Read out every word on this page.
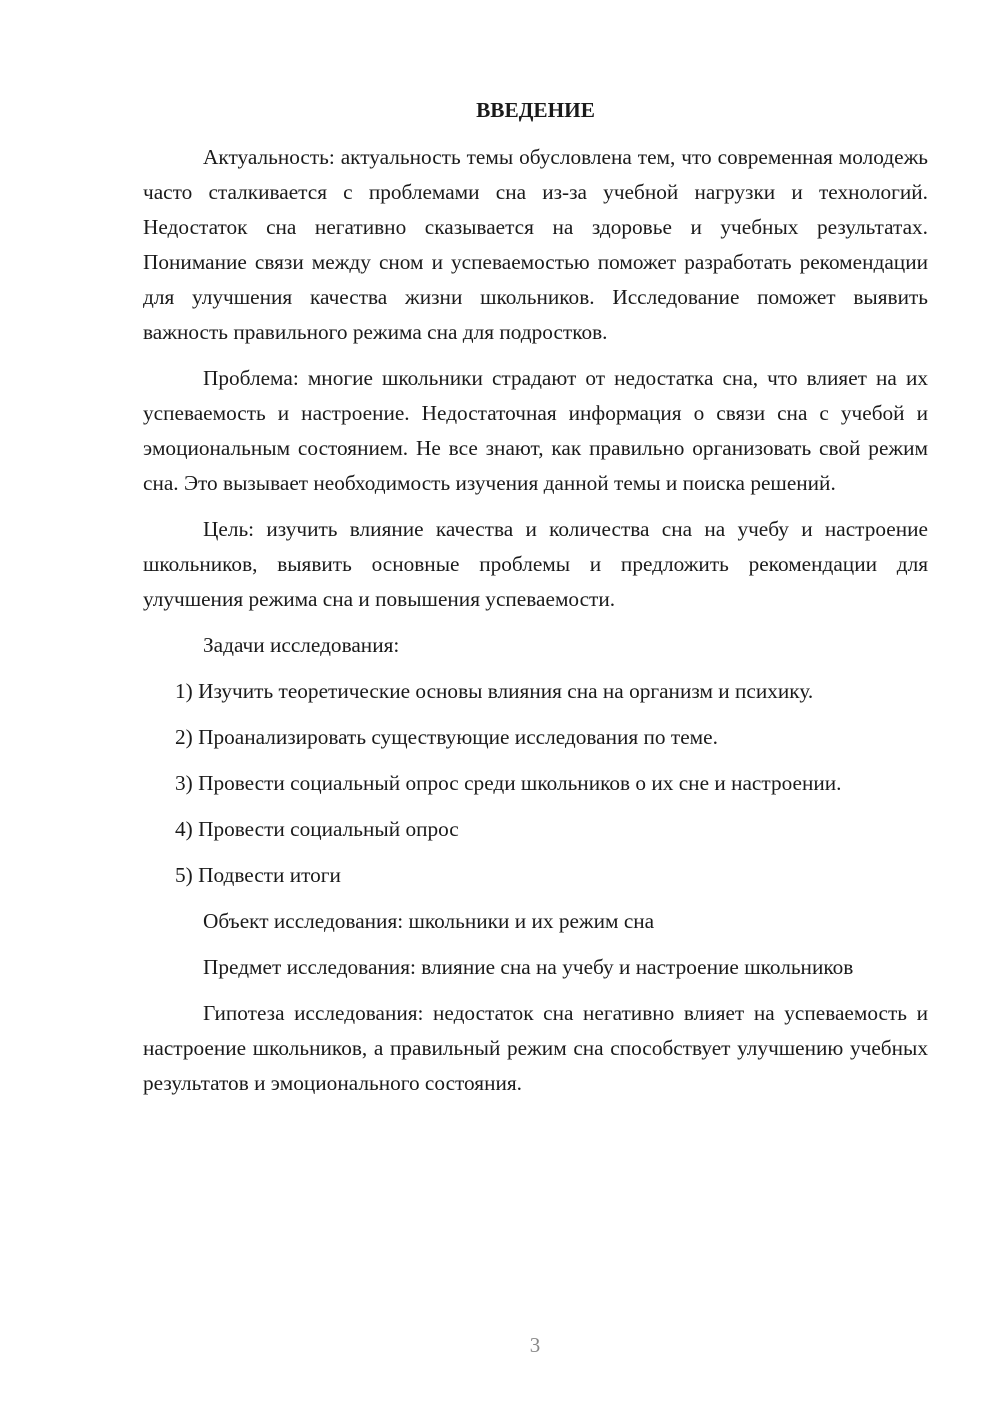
ВВЕДЕНИЕ

Актуальность: актуальность темы обусловлена тем, что современная молодежь часто сталкивается с проблемами сна из-за учебной нагрузки и технологий. Недостаток сна негативно сказывается на здоровье и учебных результатах. Понимание связи между сном и успеваемостью поможет разработать рекомендации для улучшения качества жизни школьников. Исследование поможет выявить важность правильного режима сна для подростков.

Проблема: многие школьники страдают от недостатка сна, что влияет на их успеваемость и настроение. Недостаточная информация о связи сна с учебой и эмоциональным состоянием. Не все знают, как правильно организовать свой режим сна. Это вызывает необходимость изучения данной темы и поиска решений.

Цель: изучить влияние качества и количества сна на учебу и настроение школьников, выявить основные проблемы и предложить рекомендации для улучшения режима сна и повышения успеваемости.

Задачи исследования:

1) Изучить теоретические основы влияния сна на организм и психику.

2) Проанализировать существующие исследования по теме.

3) Провести социальный опрос среди школьников о их сне и настроении.

4) Провести социальный опрос

5) Подвести итоги

Объект исследования: школьники и их режим сна

Предмет исследования: влияние сна на учебу и настроение школьников

Гипотеза исследования: недостаток сна негативно влияет на успеваемость и настроение школьников, а правильный режим сна способствует улучшению учебных результатов и эмоционального состояния.

3
